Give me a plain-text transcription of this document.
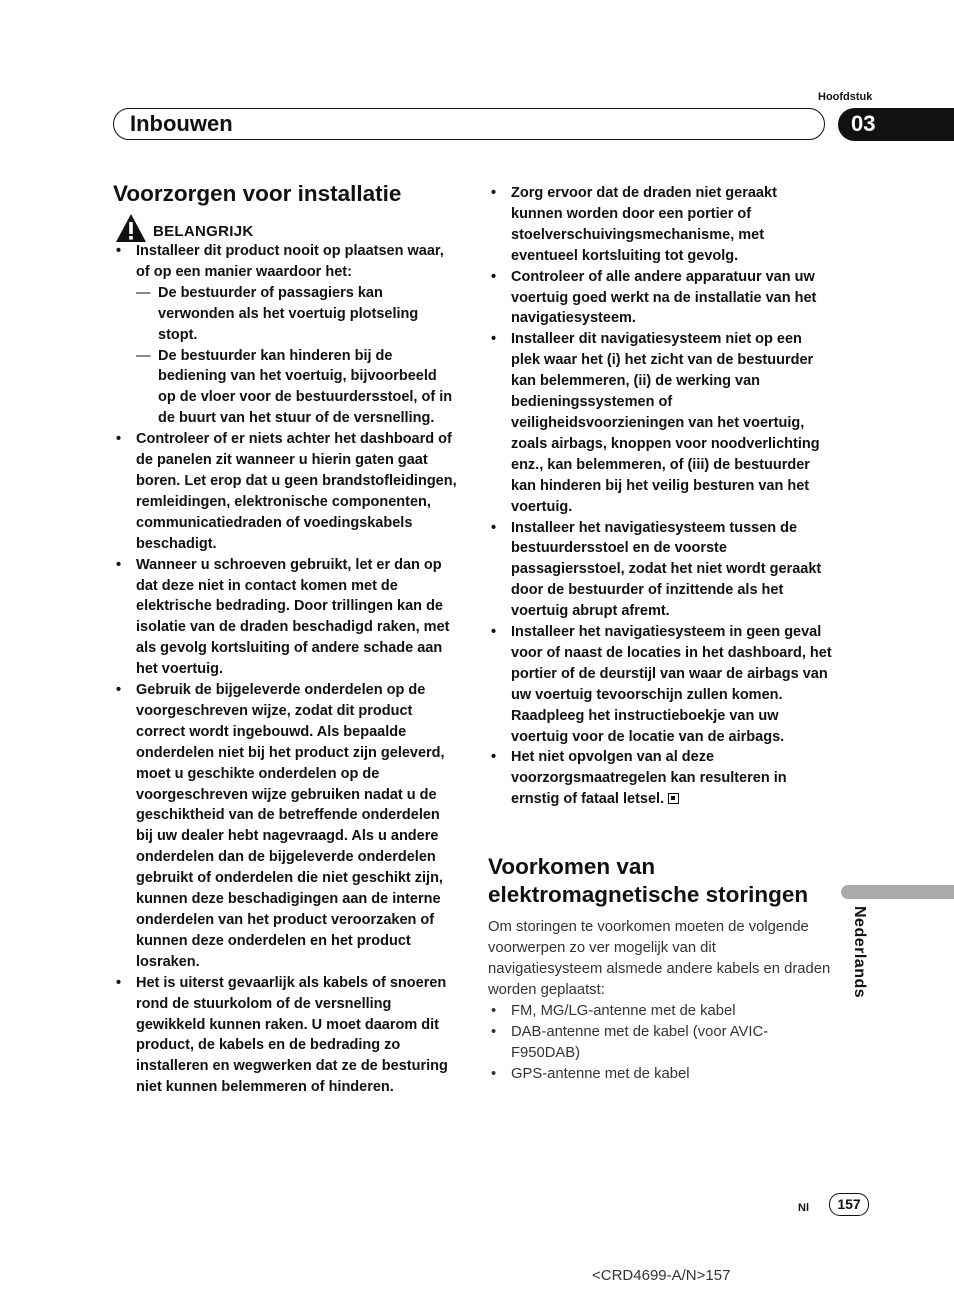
Hoofdstuk
Inbouwen	03
Voorzorgen voor installatie
BELANGRIJK
• Installeer dit product nooit op plaatsen waar, of op een manier waardoor het:
— De bestuurder of passagiers kan verwonden als het voertuig plotseling stopt.
— De bestuurder kan hinderen bij de bediening van het voertuig, bijvoorbeeld op de vloer voor de bestuurdersstoel, of in de buurt van het stuur of de versnelling.
• Controleer of er niets achter het dashboard of de panelen zit wanneer u hierin gaten gaat boren. Let erop dat u geen brandstofleidingen, remleidingen, elektronische componenten, communicatiedraden of voedingskabels beschadigt.
• Wanneer u schroeven gebruikt, let er dan op dat deze niet in contact komen met de elektrische bedrading. Door trillingen kan de isolatie van de draden beschadigd raken, met als gevolg kortsluiting of andere schade aan het voertuig.
• Gebruik de bijgeleverde onderdelen op de voorgeschreven wijze, zodat dit product correct wordt ingebouwd. Als bepaalde onderdelen niet bij het product zijn geleverd, moet u geschikte onderdelen op de voorgeschreven wijze gebruiken nadat u de geschiktheid van de betreffende onderdelen bij uw dealer hebt nagevraagd. Als u andere onderdelen dan de bijgeleverde onderdelen gebruikt of onderdelen die niet geschikt zijn, kunnen deze beschadigingen aan de interne onderdelen van het product veroorzaken of kunnen deze onderdelen en het product losraken.
• Het is uiterst gevaarlijk als kabels of snoeren rond de stuurkolom of de versnelling gewikkeld kunnen raken. U moet daarom dit product, de kabels en de bedrading zo installeren en wegwerken dat ze de besturing niet kunnen belemmeren of hinderen.
• Zorg ervoor dat de draden niet geraakt kunnen worden door een portier of stoelverschuivingsmechanisme, met eventueel kortsluiting tot gevolg.
• Controleer of alle andere apparatuur van uw voertuig goed werkt na de installatie van het navigatiesysteem.
• Installeer dit navigatiesysteem niet op een plek waar het (i) het zicht van de bestuurder kan belemmeren, (ii) de werking van bedieningssystemen of veiligheidsvoorzieningen van het voertuig, zoals airbags, knoppen voor noodverlichting enz., kan belemmeren, of (iii) de bestuurder kan hinderen bij het veilig besturen van het voertuig.
• Installeer het navigatiesysteem tussen de bestuurdersstoel en de voorste passagiersstoel, zodat het niet wordt geraakt door de bestuurder of inzittende als het voertuig abrupt afremt.
• Installeer het navigatiesysteem in geen geval voor of naast de locaties in het dashboard, het portier of de deurstijl van waar de airbags van uw voertuig tevoorschijn zullen komen. Raadpleeg het instructieboekje van uw voertuig voor de locatie van de airbags.
• Het niet opvolgen van al deze voorzorgsmaatregelen kan resulteren in ernstig of fataal letsel.
Voorkomen van
elektromagnetische storingen

Om storingen te voorkomen moeten de volgende voorwerpen zo ver mogelijk van dit navigatiesysteem alsmede andere kabels en draden worden geplaatst:

• FM, MG/LG-antenne met de kabel
• DAB-antenne met de kabel (voor AVIC-F950DAB)
• GPS-antenne met de kabel
Nederlands
Nl	157
<CRD4699-A/N>157
